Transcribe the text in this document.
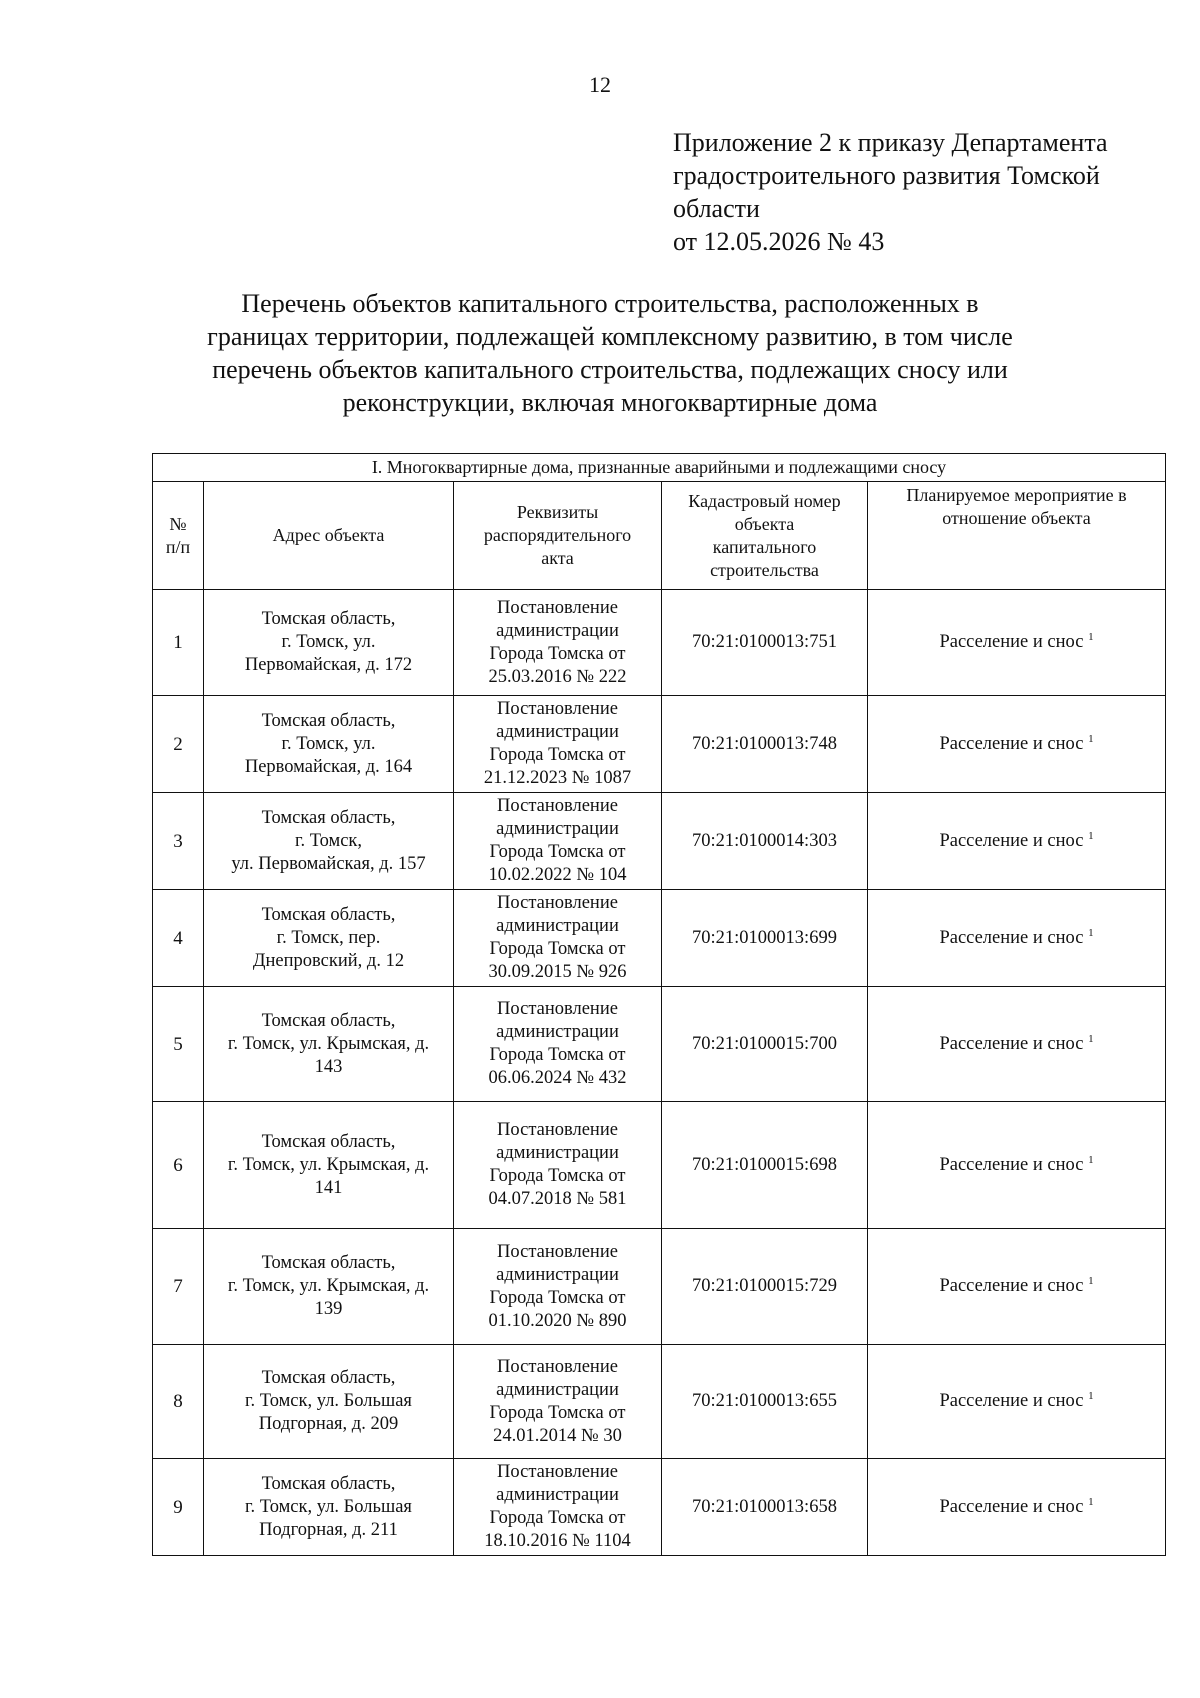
12
Приложение 2 к приказу Департамента
градостроительного развития Томской
области
от 12.05.2026 № 43
Перечень объектов капитального строительства, расположенных в
границах территории, подлежащей комплексному развитию, в том числе
перечень объектов капитального строительства, подлежащих сносу или
реконструкции, включая многоквартирные дома
I. Многоквартирные дома, признанные аварийными и подлежащими сносу				

№
п/п	Адрес объекта	Реквизиты
распорядительного
акта	Кадастровый номер
объекта
капитального
строительства	Планируемое мероприятие в
отношение объекта

1	Томская область,
г. Томск, ул.
Первомайская, д. 172	Постановление
администрации
Города Томска от
25.03.2016 № 222	70:21:0100013:751	Расселение и снос $^1$
2	Томская область,
г. Томск, ул.
Первомайская, д. 164	Постановление
администрации
Города Томска от
21.12.2023 № 1087	70:21:0100013:748	Расселение и снос $^1$
3	Томская область,
г. Томск,
ул. Первомайская, д. 157	Постановление
администрации
Города Томска от
10.02.2022 № 104	70:21:0100014:303	Расселение и снос $^1$
4	Томская область,
г. Томск, пер.
Днепровский, д. 12	Постановление
администрации
Города Томска от
30.09.2015 № 926	70:21:0100013:699	Расселение и снос $^1$
5	Томская область,
г. Томск, ул. Крымская, д.
143	Постановление
администрации
Города Томска от
06.06.2024 № 432	70:21:0100015:700	Расселение и снос $^1$
6	Томская область,
г. Томск, ул. Крымская, д.
141	Постановление
администрации
Города Томска от
04.07.2018 № 581	70:21:0100015:698	Расселение и снос $^1$
7	Томская область,
г. Томск, ул. Крымская, д.
139	Постановление
администрации
Города Томска от
01.10.2020 № 890	70:21:0100015:729	Расселение и снос $^1$
8	Томская область,
г. Томск, ул. Большая
Подгорная, д. 209	Постановление
администрации
Города Томска от
24.01.2014 № 30	70:21:0100013:655	Расселение и снос $^1$
9	Томская область,
г. Томск, ул. Большая
Подгорная, д. 211	Постановление
администрации
Города Томска от
18.10.2016 № 1104	70:21:0100013:658	Расселение и снос $^1$
